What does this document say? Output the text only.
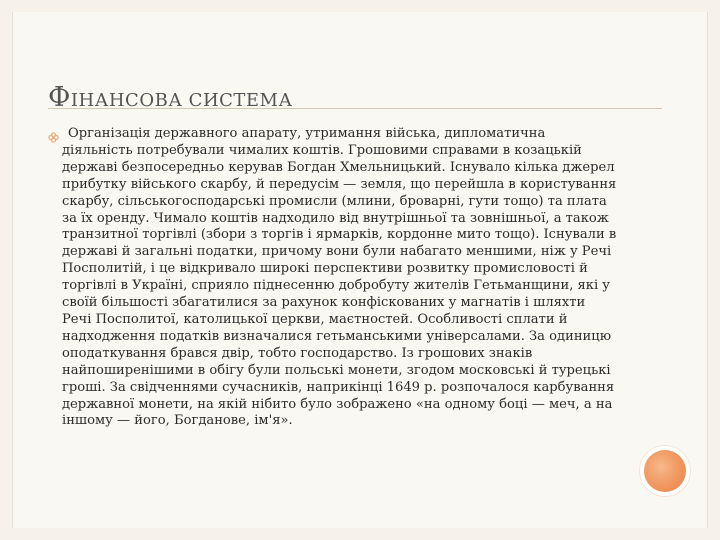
ФІНАНСОВА СИСТЕМА

Організація державного апарату, утримання війська, дипломатична діяльність потребували чималих коштів. Грошовими справами в козацькій державі безпосередньо керував Богдан Хмельницький. Існувало кілька джерел прибутку війського скарбу, й передусім — земля, що перейшла в користування скарбу, сільськогосподарські промисли (млини, броварні, гути тощо) та плата за їх оренду. Чимало коштів надходило від внутрішньої та зовнішньої, а також транзитної торгівлі (збори з торгів і ярмарків, кордонне мито тощо). Існували в державі й загальні податки, причому вони були набагато меншими, ніж у Речі Посполитій, і це відкривало широкі перспективи розвитку промисловості й торгівлі в Україні, сприяло піднесенню добробуту жителів Гетьманщини, які у своїй більшості збагатилися за рахунок конфіскованих у магнатів і шляхти Речі Посполитої, католицької церкви, маєтностей. Особливості сплати й надходження податків визначалися гетьманськими універсалами. За одиницю оподаткування брався двір, тобто господарство. Із грошових знаків найпоширенішими в обігу були польські монети, згодом московські й турецькі гроші. За свідченнями сучасників, наприкінці 1649 р. розпочалося карбування державної монети, на якій нібито було зображено «на одному боці — меч, а на іншому — його, Богданове, ім'я».
